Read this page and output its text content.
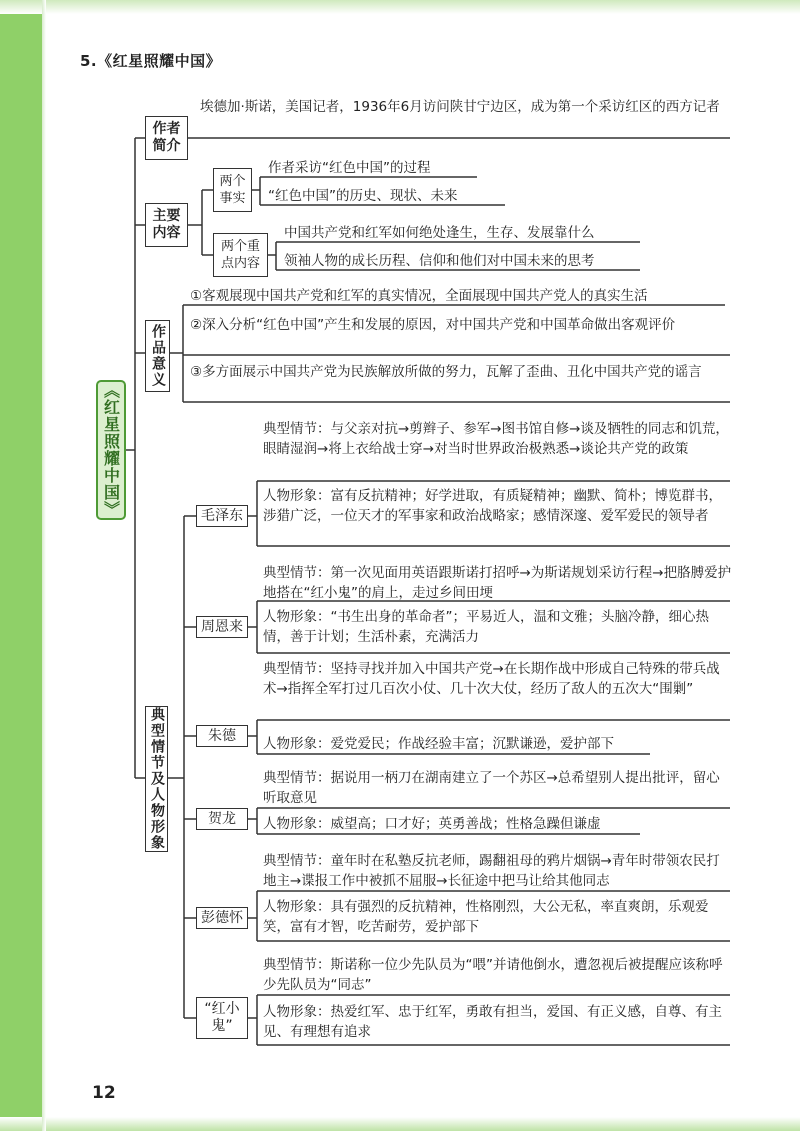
5.《红星照耀中国》
《红星照耀中国》
作者简介
主要内容
作品意义
典型情节及人物形象
两个事实
两个重点内容
毛泽东
周恩来
朱德
贺龙
彭德怀
“红小鬼”
埃德加·斯诺，美国记者，1936年6月访问陕甘宁边区，成为第一个采访红区的西方记者
作者采访“红色中国”的过程
“红色中国”的历史、现状、未来
中国共产党和红军如何绝处逢生，生存、发展靠什么
领袖人物的成长历程、信仰和他们对中国未来的思考
①客观展现中国共产党和红军的真实情况，全面展现中国共产党人的真实生活
②深入分析“红色中国”产生和发展的原因，对中国共产党和中国革命做出客观评价
③多方面展示中国共产党为民族解放所做的努力，瓦解了歪曲、丑化中国共产党的谣言
典型情节：与父亲对抗→剪辫子、参军→图书馆自修→谈及牺牲的同志和饥荒，眼睛湿润→将上衣给战士穿→对当时世界政治极熟悉→谈论共产党的政策
人物形象：富有反抗精神；好学进取，有质疑精神；幽默、简朴；博览群书，涉猎广泛，一位天才的军事家和政治战略家；感情深邃、爱军爱民的领导者
典型情节：第一次见面用英语跟斯诺打招呼→为斯诺规划采访行程→把胳膊爱护地搭在“红小鬼”的肩上，走过乡间田埂
人物形象：“书生出身的革命者”；平易近人，温和文雅；头脑冷静，细心热情，善于计划；生活朴素，充满活力
典型情节：坚持寻找并加入中国共产党→在长期作战中形成自己特殊的带兵战术→指挥全军打过几百次小仗、几十次大仗，经历了敌人的五次大“围剿”
人物形象：爱党爱民；作战经验丰富；沉默谦逊，爱护部下
典型情节：据说用一柄刀在湖南建立了一个苏区→总希望别人提出批评，留心听取意见
人物形象：威望高；口才好；英勇善战；性格急躁但谦虚
典型情节：童年时在私塾反抗老师，踢翻祖母的鸦片烟锅→青年时带领农民打地主→谍报工作中被抓不屈服→长征途中把马让给其他同志
人物形象：具有强烈的反抗精神，性格刚烈，大公无私，率直爽朗，乐观爱笑，富有才智，吃苦耐劳，爱护部下
典型情节：斯诺称一位少先队员为“喂”并请他倒水，遭忽视后被提醒应该称呼少先队员为“同志”
人物形象：热爱红军、忠于红军，勇敢有担当，爱国、有正义感，自尊、有主见、有理想有追求
12
